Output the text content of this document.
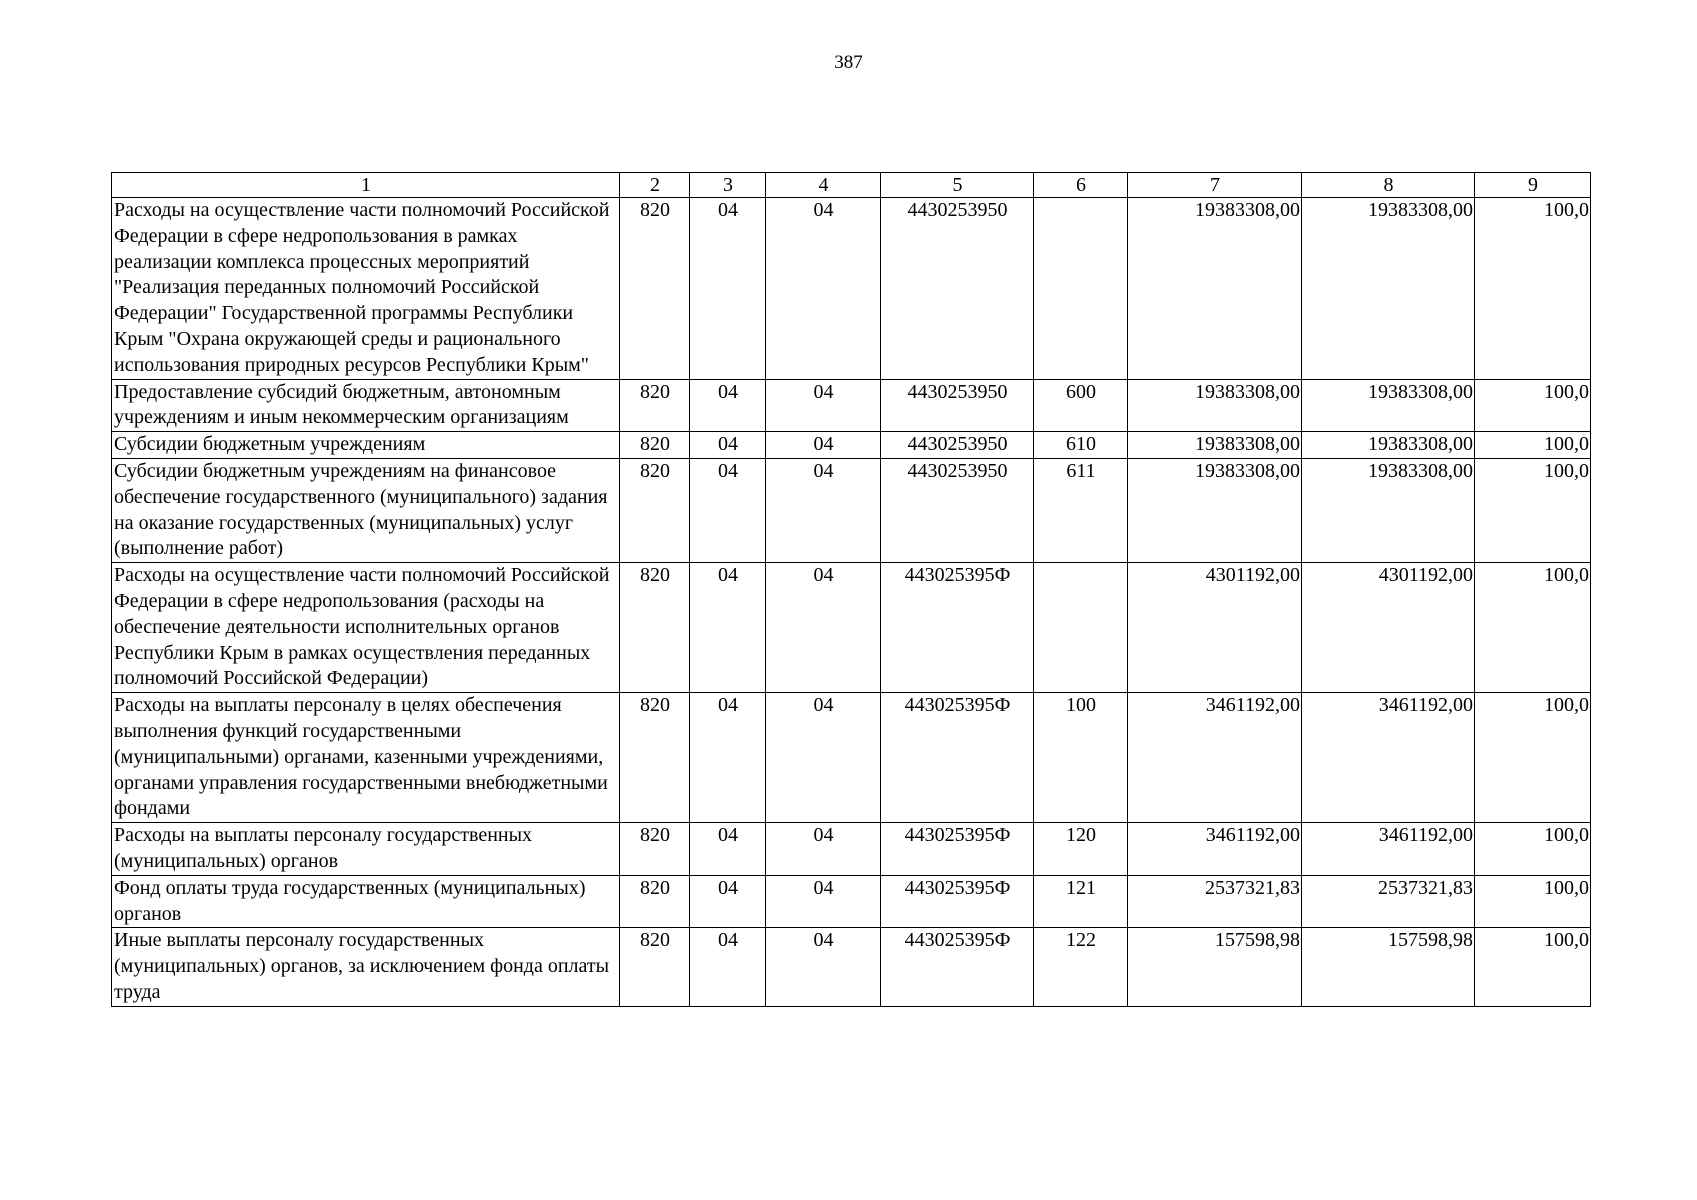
387
1	2	3	4	5	6	7	8	9
Расходы на осуществление части полномочий Российской Федерации в сфере недропользования в рамках реализации комплекса процессных мероприятий "Реализация переданных полномочий Российской Федерации" Государственной программы Республики Крым "Охрана окружающей среды и рационального использования природных ресурсов Республики Крым"	820	04	04	4430253950		19383308,00	19383308,00	100,0
Предоставление субсидий бюджетным, автономным учреждениям и иным некоммерческим организациям	820	04	04	4430253950	600	19383308,00	19383308,00	100,0
Субсидии бюджетным учреждениям	820	04	04	4430253950	610	19383308,00	19383308,00	100,0
Субсидии бюджетным учреждениям на финансовое обеспечение государственного (муниципального) задания на оказание государственных (муниципальных) услуг (выполнение работ)	820	04	04	4430253950	611	19383308,00	19383308,00	100,0
Расходы на осуществление части полномочий Российской Федерации в сфере недропользования (расходы на обеспечение деятельности исполнительных органов Республики Крым в рамках осуществления переданных полномочий Российской Федерации)	820	04	04	443025395Ф		4301192,00	4301192,00	100,0
Расходы на выплаты персоналу в целях обеспечения выполнения функций государственными (муниципальными) органами, казенными учреждениями, органами управления государственными внебюджетными фондами	820	04	04	443025395Ф	100	3461192,00	3461192,00	100,0
Расходы на выплаты персоналу государственных (муниципальных) органов	820	04	04	443025395Ф	120	3461192,00	3461192,00	100,0
Фонд оплаты труда государственных (муниципальных) органов	820	04	04	443025395Ф	121	2537321,83	2537321,83	100,0
Иные выплаты персоналу государственных (муниципальных) органов, за исключением фонда оплаты труда	820	04	04	443025395Ф	122	157598,98	157598,98	100,0
